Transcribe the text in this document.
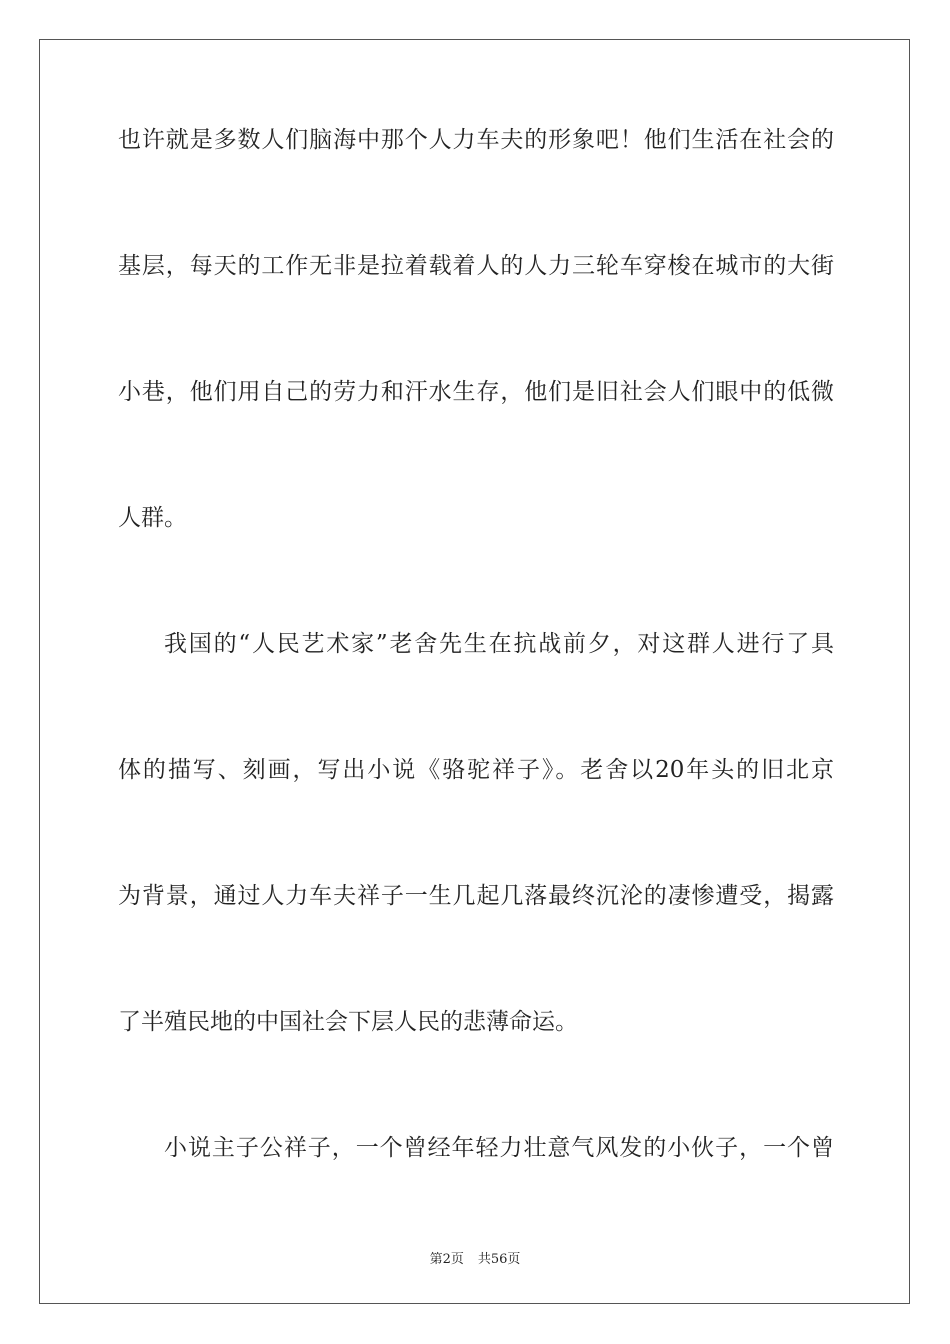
也许就是多数人们脑海中那个人力车夫的形象吧！他们生活在社会的
基层，每天的工作无非是拉着载着人的人力三轮车穿梭在城市的大街
小巷，他们用自己的劳力和汗水生存，他们是旧社会人们眼中的低微
人群。
我国的“人民艺术家”老舍先生在抗战前夕，对这群人进行了具
体的描写、刻画，写出小说《骆驼祥子》。老舍以20年头的旧北京
为背景，通过人力车夫祥子一生几起几落最终沉沦的凄惨遭受，揭露
了半殖民地的中国社会下层人民的悲薄命运。
小说主子公祥子，一个曾经年轻力壮意气风发的小伙子，一个曾
第2页 共56页
